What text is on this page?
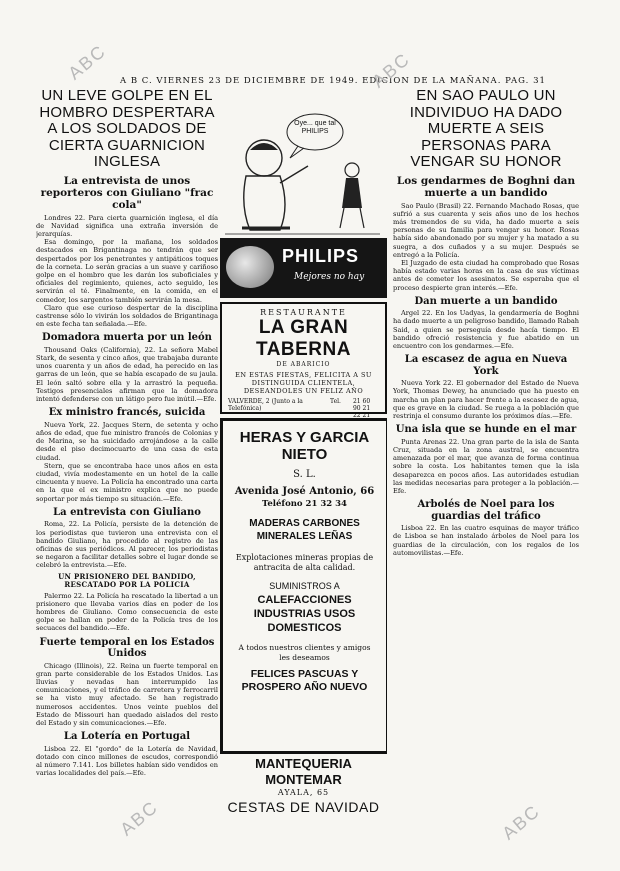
A B C. VIERNES 23 DE DICIEMBRE DE 1949. EDICION DE LA MAÑANA. PAG. 31
ABC	ABC
ABC	ABC
UN LEVE GOLPE EN EL HOMBRO DESPERTARA A LOS SOLDADOS DE CIERTA GUARNICION INGLESA
La entrevista de unos reporteros con Giuliano "frac cola"

Londres 22. Para cierta guarnición inglesa, el día de Navidad significa una extraña inversión de jerarquías.

Esa domingo, por la mañana, los soldados destacados en Brigantinaga no tendrán que ser despertados por los penetrantes y antipáticos toques de la corneta. Lo serán gracias a un suave y cariñoso golpe en el hombro que les darán los suboficiales y oficiales del regimiento, quienes, acto seguido, les servirán el té. Finalmente, en la comida, en el comedor, los sargentos también servirán la mesa.

Claro que ese curioso despertar de la disciplina castrense sólo lo vivirán los soldados de Brigantinaga en este fecha tan señalada.—Efe.

Domadora muerta por un león

Thousand Oaks (California), 22. La señora Mabel Stark, de sesenta y cinco años, que trabajaba durante unos cuarenta y un años de edad, ha perecido en las garras de un león, que se había escapado de su jaula. El león saltó sobre ella y la arrastró la pequeña. Testigos presenciales afirman que la domadora intentó defenderse con un látigo pero fue inútil.—Efe.

Ex ministro francés, suicida

Nueva York, 22. Jacques Stern, de setenta y ocho años de edad, que fue ministro francés de Colonias y de Marina, se ha suicidado arrojándose a la calle desde el piso decimocuarto de una casa de esta ciudad.

Stern, que se encontraba hace unos años en esta ciudad, vivía modestamente en un hotel de la calle cincuenta y nueve. La Policía ha encontrado una carta en la que el ex ministro explica que no puede soportar por más tiempo su situación.—Efe.

La entrevista con Giuliano

Roma, 22. La Policía, persiste de la detención de los periodistas que tuvieron una entrevista con el bandido Giuliano, ha procedido al registro de las oficinas de sus periódicos. Al parecer, los periodistas se negaron a facilitar detalles sobre el lugar donde se celebró la entrevista.—Efe.

UN PRISIONERO DEL BANDIDO, RESCATADO POR LA POLICIA

Palermo 22. La Policía ha rescatado la libertad a un prisionero que llevaba varios días en poder de los hombres de Giuliano. Como consecuencia de este golpe se hallan en poder de la Policía tres de los secuaces del bandido.—Efe.

Fuerte temporal en los Estados Unidos

Chicago (Illinois), 22. Reina un fuerte temporal en gran parte considerable de los Estados Unidos. Las lluvias y nevadas han interrumpido las comunicaciones, y el tráfico de carretera y ferrocarril se ha visto muy afectado. Se han registrado numerosos accidentes. Unos veinte pueblos del Estado de Missouri han quedado aislados del resto del Estado y sin comunicaciones.—Efe.

La Lotería en Portugal

Lisboa 22. El "gordo" de la Lotería de Navidad, dotado con cinco millones de escudos, correspondió al número 7.141. Los billetes habían sido vendidos en varias localidades del país.—Efe.

Oye... que tal PHILIPS
PHILIPS
Mejores no hay
RESTAURANTE
LA GRAN TABERNA
DE ABARICIO
EN ESTAS FIESTAS, FELICITA A SU DISTINGUIDA CLIENTELA, DESEANDOLES UN FELIZ AÑO
VALVERDE, 2 (Junto a la Telefónica)
Tel. 21 60 90 21 22 21
HERAS Y GARCIA NIETO
S. L.
Avenida José Antonio, 66
Teléfono 21 32 34
MADERAS CARBONES MINERALES LEÑAS
Explotaciones mineras propias de antracita de alta calidad.
SUMINISTROS A
CALEFACCIONES INDUSTRIAS USOS DOMESTICOS
A todos nuestros clientes y amigos les deseamos
FELICES PASCUAS Y PROSPERO AÑO NUEVO
MANTEQUERIA MONTEMAR
AYALA, 65
CESTAS DE NAVIDAD
EN SAO PAULO UN INDIVIDUO HA DADO MUERTE A SEIS PERSONAS PARA VENGAR SU HONOR
Los gendarmes de Boghni dan muerte a un bandido

Sao Paulo (Brasil) 22. Fernando Machado Rosas, que sufrió a sus cuarenta y seis años uno de los hechos más tremendos de su vida, ha dado muerte a seis personas de su familia para vengar su honor. Rosas había sido abandonado por su mujer y ha matado a su suegra, a dos cuñados y a su mujer. Después se entregó a la Policía.

El Juzgado de esta ciudad ha comprobado que Rosas había estado varias horas en la casa de sus víctimas antes de cometer los asesinatos. Se esperaba que el proceso despierte gran interés.—Efe.

Dan muerte a un bandido

Argel 22. En los Uadyas, la gendarmería de Boghni ha dado muerte a un peligroso bandido, llamado Rabah Said, a quien se perseguía desde hacía tiempo. El bandido ofreció resistencia y fue abatido en un encuentro con los gendarmes.—Efe.

La escasez de agua en Nueva York

Nueva York 22. El gobernador del Estado de Nueva York, Thomas Dewey, ha anunciado que ha puesto en marcha un plan para hacer frente a la escasez de agua, que es grave en la ciudad. Se ruega a la población que restrinja el consumo durante los próximos días.—Efe.

Una isla que se hunde en el mar

Punta Arenas 22. Una gran parte de la isla de Santa Cruz, situada en la zona austral, se encuentra amenazada por el mar, que avanza de forma continua sobre la costa. Los habitantes temen que la isla desaparezca en pocos años. Las autoridades estudian las medidas necesarias para proteger a la población.—Efe.

Arbolés de Noel para los guardias del tráfico

Lisboa 22. En las cuatro esquinas de mayor tráfico de Lisboa se han instalado árboles de Noel para los guardias de la circulación, con los regalos de los automovilistas.—Efe.
